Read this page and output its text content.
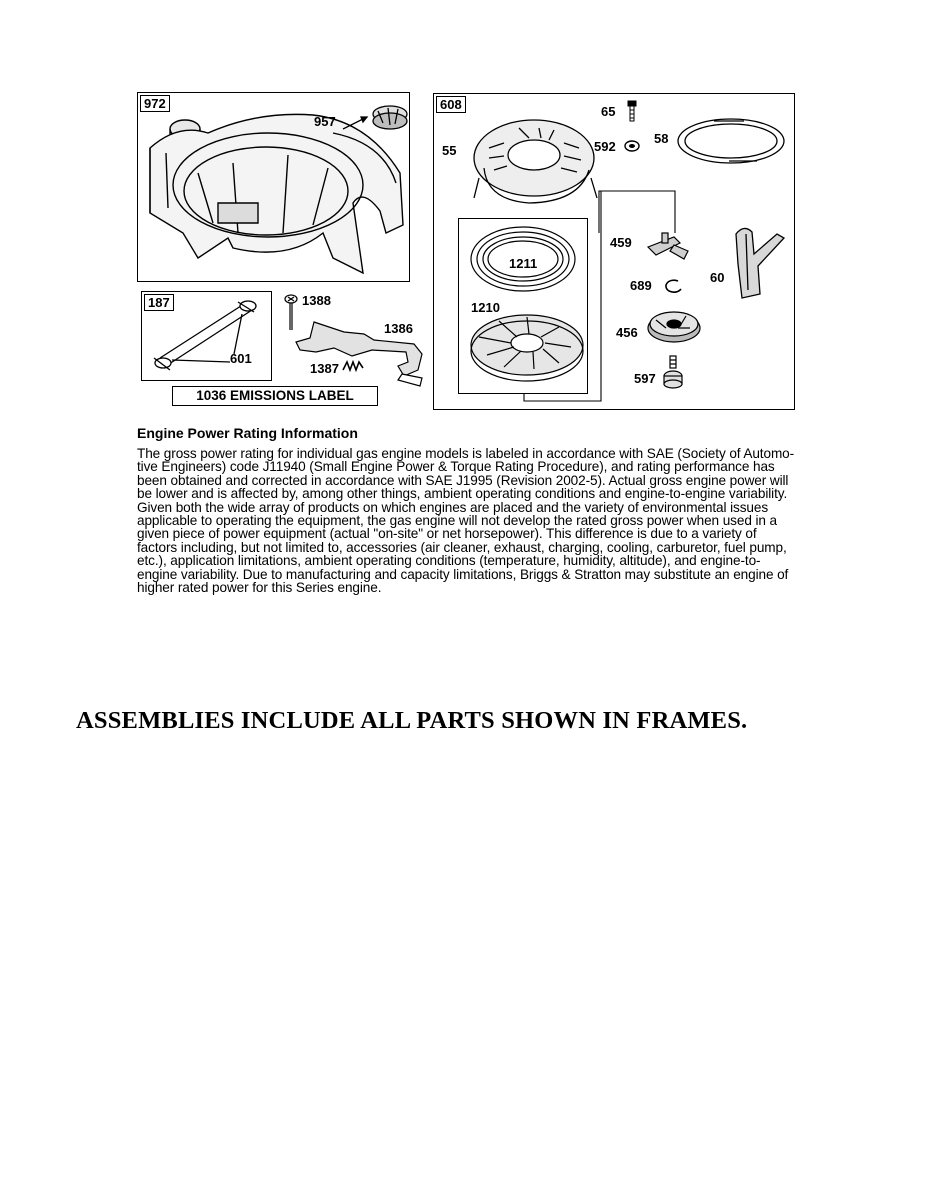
972
957
608
55
65
592
58
1211
1210
459
60
689
456
597
187
601
1388
1386
1387
1036 EMISSIONS LABEL
Engine Power Rating Information

The gross power rating for individual gas engine models is labeled in accordance with SAE (Society of Automo-tive Engineers) code J11940 (Small Engine Power & Torque Rating Procedure), and rating performance has been obtained and corrected in accordance with SAE J1995 (Revision 2002-5). Actual gross engine power will be lower and is affected by, among other things, ambient operating conditions and engine-to-engine variability. Given both the wide array of products on which engines are placed and the variety of environmental issues applicable to operating the equipment, the gas engine will not develop the rated gross power when used in a given piece of power equipment (actual "on-site" or net horsepower). This difference is due to a variety of factors including, but not limited to, accessories (air cleaner, exhaust, charging, cooling, carburetor, fuel pump, etc.), application limitations, ambient operating conditions (temperature, humidity, altitude), and engine-to-engine variability. Due to manufacturing and capacity limitations, Briggs & Stratton may substitute an engine of higher rated power for this Series engine.

ASSEMBLIES INCLUDE ALL PARTS SHOWN IN FRAMES.
